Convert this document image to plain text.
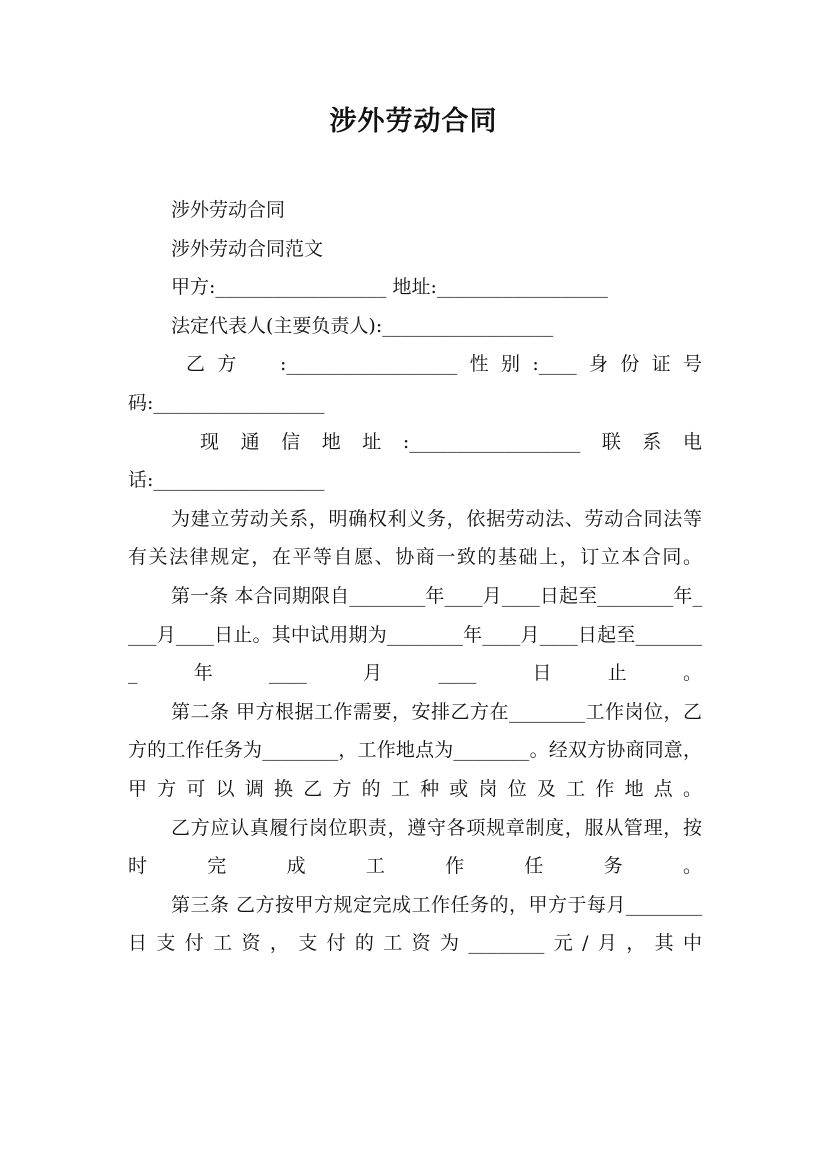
涉外劳动合同

涉外劳动合同

涉外劳动合同范文

甲方:__________________ 地址:__________________

法定代表人(主要负责人):__________________

乙方　:__________________性别:____身份证号

码:__________________

现通信地址:__________________联系电

话:__________________

为建立劳动关系，明确权利义务，依据劳动法、劳动合同法等有关法律规定，在平等自愿、协商一致的基础上，订立本合同。

第一条 本合同期限自________年____月____日起至________年____月____日止。其中试用期为________年____月____日起至________年____月____日止。

第二条 甲方根据工作需要，安排乙方在________工作岗位，乙方的工作任务为________，工作地点为________。经双方协商同意，甲方可以调换乙方的工种或岗位及工作地点。

乙方应认真履行岗位职责，遵守各项规章制度，服从管理，按时完成工作任务。

第三条 乙方按甲方规定完成工作任务的，甲方于每月________日支付工资，支付的工资为________元/月，其中
